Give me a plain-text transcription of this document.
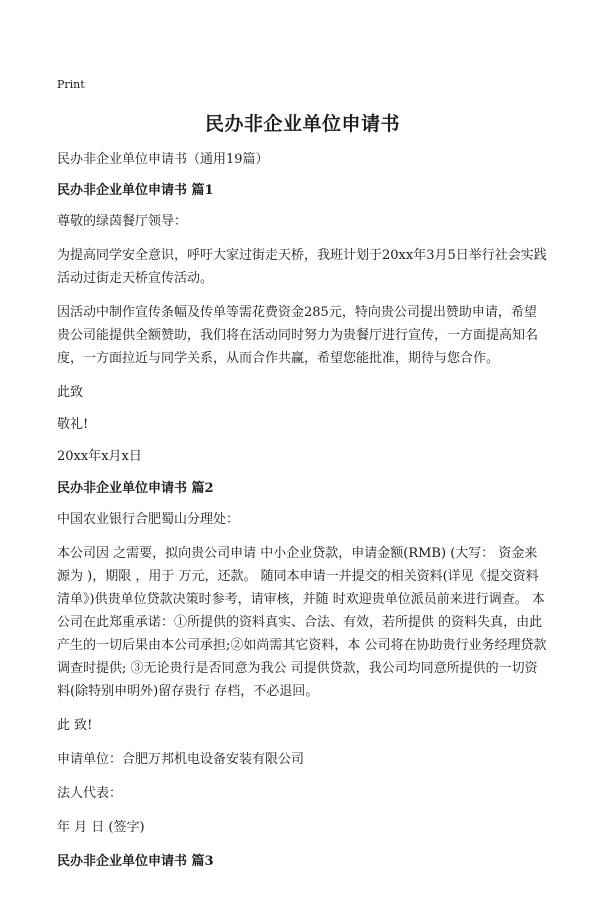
Print
民办非企业单位申请书
民办非企业单位申请书（通用19篇）
民办非企业单位申请书 篇1

尊敬的绿茵餐厅领导：

为提高同学安全意识，呼吁大家过街走天桥，我班计划于20xx年3月5日举行社会实践活动过街走天桥宣传活动。

因活动中制作宣传条幅及传单等需花费资金285元，特向贵公司提出赞助申请，希望贵公司能提供全额赞助，我们将在活动同时努力为贵餐厅进行宣传，一方面提高知名度，一方面拉近与同学关系，从而合作共赢，希望您能批准，期待与您合作。

此致

敬礼!

20xx年x月x日

民办非企业单位申请书 篇2

中国农业银行合肥蜀山分理处：

本公司因 之需要，拟向贵公司申请 中小企业贷款，申请金额(RMB) (大写： 资金来源为 )，期限 ，用于 万元，还款。 随同本申请一并提交的相关资料(详见《提交资料清单》)供贵单位贷款决策时参考，请审核，并随 时欢迎贵单位派员前来进行调查。 本公司在此郑重承诺：①所提供的资料真实、合法、有效，若所提供 的资料失真，由此产生的一切后果由本公司承担;②如尚需其它资料，本 公司将在协助贵行业务经理贷款调查时提供; ③无论贵行是否同意为我公 司提供贷款，我公司均同意所提供的一切资料(除特别申明外)留存贵行 存档，不必退回。

此 致!

申请单位：合肥万邦机电设备安装有限公司

法人代表：

年 月 日 (签字)

民办非企业单位申请书 篇3
